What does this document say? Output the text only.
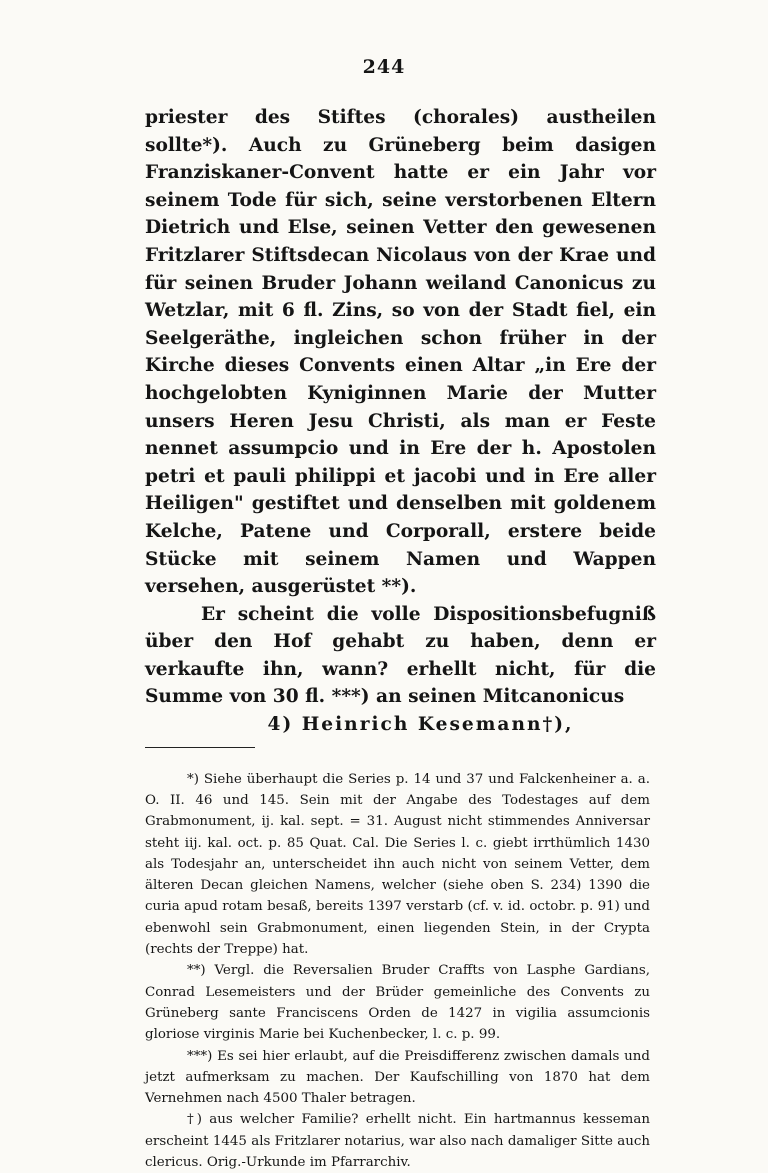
244

priester des Stiftes (chorales) austheilen sollte*). Auch zu Grüneberg beim dasigen Franziskaner-Convent hatte er ein Jahr vor seinem Tode für sich, seine verstorbenen Eltern Dietrich und Else, seinen Vetter den gewesenen Fritzlarer Stiftsdecan Nicolaus von der Krae und für seinen Bruder Johann weiland Canonicus zu Wetzlar, mit 6 fl. Zins, so von der Stadt fiel, ein Seelgeräthe, ingleichen schon früher in der Kirche dieses Convents einen Altar „in Ere der hochgelobten Kyniginnen Marie der Mutter unsers Heren Jesu Christi, als man er Feste nennet assumpcio und in Ere der h. Apostolen petri et pauli philippi et jacobi und in Ere aller Heiligen" gestiftet und denselben mit goldenem Kelche, Patene und Corporall, erstere beide Stücke mit seinem Namen und Wappen versehen, ausgerüstet **).

Er scheint die volle Dispositionsbefugniß über den Hof gehabt zu haben, denn er verkaufte ihn, wann? erhellt nicht, für die Summe von 30 fl. ***) an seinen Mitcanonicus

4) Heinrich Kesemann†),

*) Siehe überhaupt die Series p. 14 und 37 und Falckenheiner a. a. O. II. 46 und 145. Sein mit der Angabe des Todestages auf dem Grabmonument, ij. kal. sept. = 31. August nicht stimmendes Anniversar steht iij. kal. oct. p. 85 Quat. Cal. Die Series l. c. giebt irrthümlich 1430 als Todesjahr an, unterscheidet ihn auch nicht von seinem Vetter, dem älteren Decan gleichen Namens, welcher (siehe oben S. 234) 1390 die curia apud rotam besaß, bereits 1397 verstarb (cf. v. id. octobr. p. 91) und ebenwohl sein Grabmonument, einen liegenden Stein, in der Crypta (rechts der Treppe) hat.

**) Vergl. die Reversalien Bruder Craffts von Lasphe Gardians, Conrad Lesemeisters und der Brüder gemeinliche des Convents zu Grüneberg sante Franciscens Orden de 1427 in vigilia assumcionis gloriose virginis Marie bei Kuchenbecker, l. c. p. 99.

***) Es sei hier erlaubt, auf die Preisdifferenz zwischen damals und jetzt aufmerksam zu machen. Der Kaufschilling von 1870 hat dem Vernehmen nach 4500 Thaler betragen.

†) aus welcher Familie? erhellt nicht. Ein hartmannus kesseman erscheint 1445 als Fritzlarer notarius, war also nach damaliger Sitte auch clericus. Orig.-Urkunde im Pfarrarchiv.
